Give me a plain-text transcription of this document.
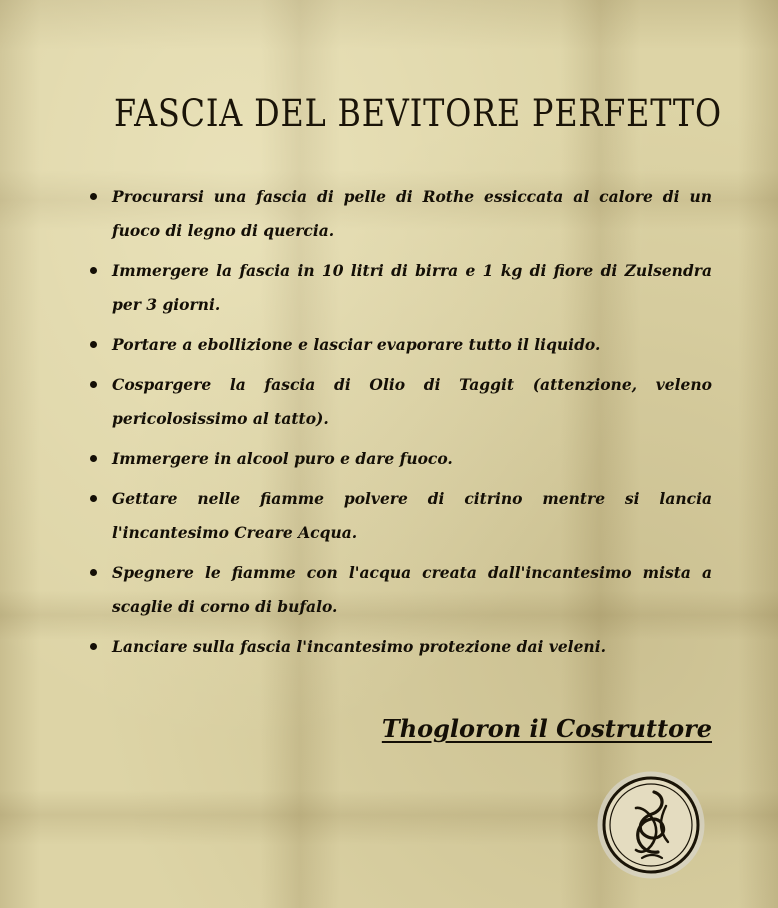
FASCIA DEL BEVITORE PERFETTO
Procurarsi una fascia di pelle di Rothe essiccata al calore di un fuoco di legno di quercia.
Immergere la fascia in 10 litri di birra e 1 kg di fiore di Zulsendra per 3 giorni.
Portare a ebollizione e lasciar evaporare tutto il liquido.
Cospargere la fascia di Olio di Taggit (attenzione, veleno pericolosissimo al tatto).
Immergere in alcool puro e dare fuoco.
Gettare nelle fiamme polvere di citrino mentre si lancia l'incantesimo Creare Acqua.
Spegnere le fiamme con l'acqua creata dall'incantesimo mista a scaglie di corno di bufalo.
Lanciare sulla fascia l'incantesimo protezione dai veleni.
Thogloron il Costruttore
